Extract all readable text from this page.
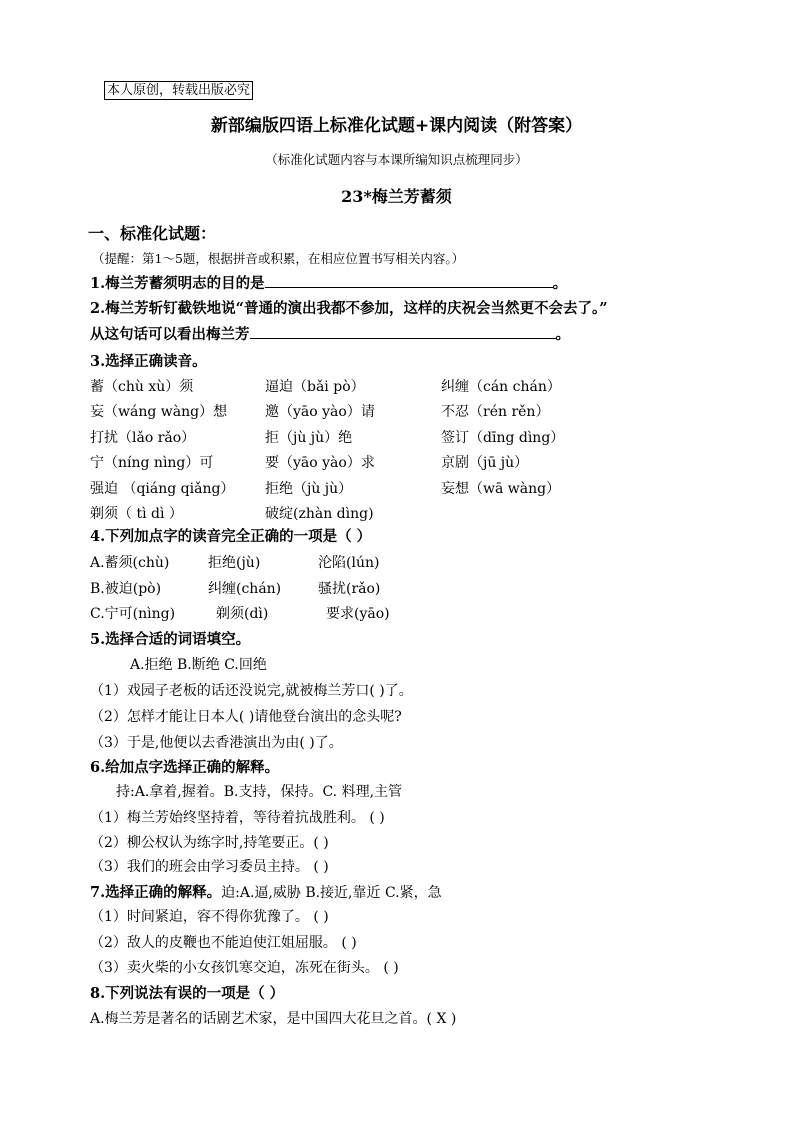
本人原创，转载出版必究
新部编版四语上标准化试题+课内阅读（附答案）
（标准化试题内容与本课所编知识点梳理同步）
23*梅兰芳蓄须
一、标准化试题：
（提醒：第1～5题，根据拼音或积累，在相应位置书写相关内容。）
1.梅兰芳蓄须明志的目的是	。
2.梅兰芳斩钉截铁地说“普通的演出我都不参加，这样的庆祝会当然更不会去了。”
从这句话可以看出梅兰芳	。
3.选择正确读音。
蓄（chù xù）须	逼迫（bǎi pò）	纠缠（cán chán）
妄（wáng wàng）想	邀（yāo yào）请	不忍（rén rěn）
打扰（lǎo rǎo）	拒（jù jù）绝	签订（dīng dìng）
宁（níng nìng）可	要（yāo yào）求	京剧（jū jù）
强迫 （qiáng qiǎng） 拒绝（jù jù）	妄想（wā wàng）
剃须（ tì dì ）	破绽(zhàn dìng)
4.下列加点字的读音完全正确的一项是（ ）
A.蓄须(chù)	拒绝(jù)	沦陷(lún)
B.被迫(pò)	纠缠(chán)	骚扰(rǎo)
C.宁可(nìng)	剃须(dì)	要求(yāo)
5.选择合适的词语填空。
A.拒绝 B.断绝 C.回绝
（1）戏园子老板的话还没说完,就被梅兰芳口( )了。
（2）怎样才能让日本人( )请他登台演出的念头呢?
（3）于是,他便以去香港演出为由( )了。
6.给加点字选择正确的解释。
持:A.拿着,握着。B.支持，保持。C. 料理,主管
（1）梅兰芳始终坚持着，等待着抗战胜利。 ( )
（2）柳公权认为练字时,持笔要正。( )
（3）我们的班会由学习委员主持。 ( )
7.选择正确的解释。迫:A.逼,威胁 B.接近,靠近 C.紧，急
（1）时间紧迫，容不得你犹豫了。 ( )
（2）敌人的皮鞭也不能迫使江姐屈服。 ( )
（3）卖火柴的小女孩饥寒交迫，冻死在街头。 ( )
8.下列说法有误的一项是（ ）
A.梅兰芳是著名的话剧艺术家，是中国四大花旦之首。( X )
